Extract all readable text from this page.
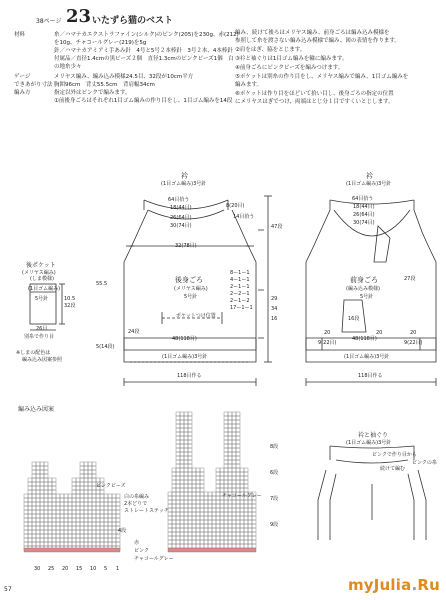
38ページ 23 いたずら猫のベスト
材料	糸／ハマナカエクストラファイン(シルク)のピンク(205)を230g、赤(212)
を10g、チャコールグレー(219)を5g
針／ハマナカアミアミ手あみ針　4号と5号２本棒針　3号２本、4本棒針
付属品／直径1.4cmの黒ビーズ２個　直径1.3cmのピンクビーズ1個　白
の地糸少々
ゲージ	メリヤス編み、編み込み模様24.5目、32段が10cm平方
できあがり寸法胸囲96cm　背丈55.5cm　背肩幅34cm
編み方	指定以外はピンクで編みます。
①前後身ごろはそれぞれ1目ゴム編みの作り目をし、1目ゴム編みを14段
編み、続けて後ろはメリヤス編み、前身ごろは編み込み模様を
参照して糸を渡さない編み込み模様で編み、図の表情を作ります。
②肩をはぎ、脇をとじます。
③衿と袖ぐりは1目ゴム編みを輪に編みます。
④前身ごろにピンクビーズを編みつけます。
⑤ポケットは別糸の作り目をし、メリヤス編みで編み、1目ゴム編みを
編みます。
⑥ポケットは作り目をほどいて拾い目し、後身ごろの指定の位置
にメリヤスはぎでつけ、両端はとじ分１目ですくいとじします。
衿
(1目ゴム編み)3号針
64目拾う
18(44目)
26(64目)
8(20目)
30(74目)
14目拾う
32(78目)
後身ごろ
(メリヤス編み)
5号針
ポケットつけ位置
48(118目)
(1目ゴム編み)3号針
5(14段)
118目作る
8ー1ー1
4ー1ー1
2ー1ー1
2ー2ー1
2ー1ー2
17ー1ー1
24段
55.5
47段
29
34
16
後ポケット
(メリヤス編み)
(しま模様)
5号針
(1目ゴム編み)
10.5
32段
26目
別糸で作り目
※しまの配色は
編み込み図案参照
衿
(1目ゴム編み)3号針
64目拾う
18(44目)
26(64目)
30(74目)
前身ごろ
(編み込み模様)
5号針
48(118目)
(1目ゴム編み)3号針
118目作る
20
9(22目)
27段
20
20
9(22目)
16段
編み込み図案
白の糸編み
2本どりで
ストレートステッチ
ピンクビーズ
チャコールグレー
赤
ピンク
チャコールグレー
4段
8段
6段
7段
9段
30 25 20 15 10 5 1
衿と袖ぐり
(1目ゴム編み)3号針
ピンクで作り目から
ピンクの糸
続けて編む
57	myJulia.Ru
